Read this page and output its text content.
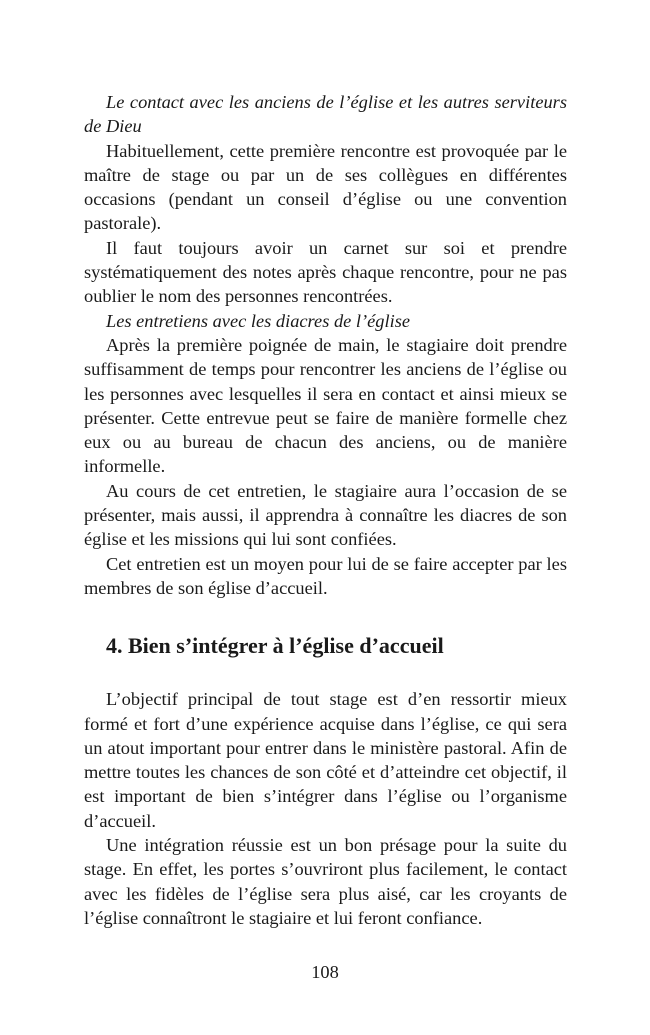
Le contact avec les anciens de l’église et les autres serviteurs de Dieu

Habituellement, cette première rencontre est provoquée par le maître de stage ou par un de ses collègues en différentes occasions (pendant un conseil d’église ou une convention pastorale).

Il faut toujours avoir un carnet sur soi et prendre systématiquement des notes après chaque rencontre, pour ne pas oublier le nom des personnes rencontrées.

Les entretiens avec les diacres de l’église

Après la première poignée de main, le stagiaire doit prendre suffisamment de temps pour rencontrer les anciens de l’église ou les personnes avec lesquelles il sera en contact et ainsi mieux se présenter. Cette entrevue peut se faire de manière formelle chez eux ou au bureau de chacun des anciens, ou de manière informelle.

Au cours de cet entretien, le stagiaire aura l’occasion de se présenter, mais aussi, il apprendra à connaître les diacres de son église et les missions qui lui sont confiées.

Cet entretien est un moyen pour lui de se faire accepter par les membres de son église d’accueil.

4. Bien s’intégrer à l’église d’accueil

L’objectif principal de tout stage est d’en ressortir mieux formé et fort d’une expérience acquise dans l’église, ce qui sera un atout important pour entrer dans le ministère pastoral. Afin de mettre toutes les chances de son côté et d’atteindre cet objectif, il est important de bien s’intégrer dans l’église ou l’organisme d’accueil.

Une intégration réussie est un bon présage pour la suite du stage. En effet, les portes s’ouvriront plus facilement, le contact avec les fidèles de l’église sera plus aisé, car les croyants de l’église connaîtront le stagiaire et lui feront confiance.

108
